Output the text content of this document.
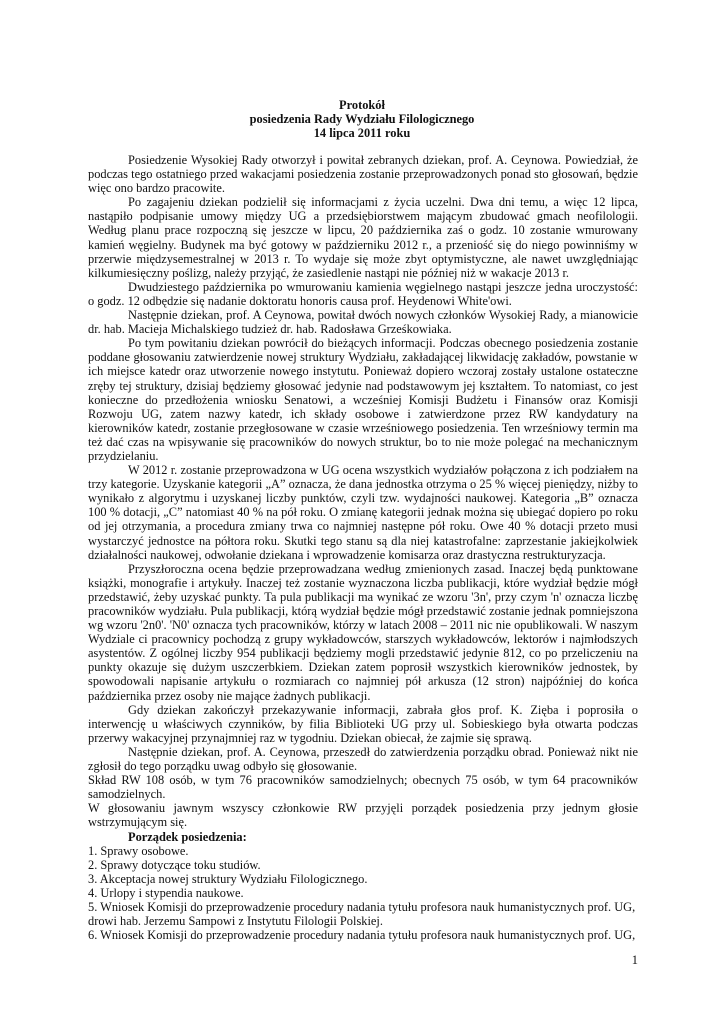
Protokół
posiedzenia Rady Wydziału Filologicznego
14 lipca 2011 roku

Posiedzenie Wysokiej Rady otworzył i powitał zebranych dziekan, prof. A. Ceynowa. Powiedział, że podczas tego ostatniego przed wakacjami posiedzenia zostanie przeprowadzonych ponad sto głosowań, będzie więc ono bardzo pracowite.

Po zagajeniu dziekan podzielił się informacjami z życia uczelni. Dwa dni temu, a więc 12 lipca, nastąpiło podpisanie umowy między UG a przedsiębiorstwem mającym zbudować gmach neofilologii. Według planu prace rozpoczną się jeszcze w lipcu, 20 października zaś o godz. 10 zostanie wmurowany kamień węgielny. Budynek ma być gotowy w październiku 2012 r., a przeniość się do niego powinniśmy w przerwie międzysemestralnej w 2013 r. To wydaje się może zbyt optymistyczne, ale nawet uwzględniając kilkumiesięczny poślizg, należy przyjąć, że zasiedlenie nastąpi nie później niż w wakacje 2013 r.

Dwudziestego października po wmurowaniu kamienia węgielnego nastąpi jeszcze jedna uroczystość: o godz. 12 odbędzie się nadanie doktoratu honoris causa prof. Heydenowi White'owi.

Następnie dziekan, prof. A Ceynowa, powitał dwóch nowych członków Wysokiej Rady, a mianowicie dr. hab. Macieja Michalskiego tudzież dr. hab. Radosława Grześkowiaka.

Po tym powitaniu dziekan powrócił do bieżących informacji. Podczas obecnego posiedzenia zostanie poddane głosowaniu zatwierdzenie nowej struktury Wydziału, zakładającej likwidację zakładów, powstanie w ich miejsce katedr oraz utworzenie nowego instytutu. Ponieważ dopiero wczoraj zostały ustalone ostateczne zręby tej struktury, dzisiaj będziemy głosować jedynie nad podstawowym jej kształtem. To natomiast, co jest konieczne do przedłożenia wniosku Senatowi, a wcześniej Komisji Budżetu i Finansów oraz Komisji Rozwoju UG, zatem nazwy katedr, ich składy osobowe i zatwierdzone przez RW kandydatury na kierowników katedr, zostanie przegłosowane w czasie wrześniowego posiedzenia. Ten wrześniowy termin ma też dać czas na wpisywanie się pracowników do nowych struktur, bo to nie może polegać na mechanicznym przydzielaniu.

W 2012 r. zostanie przeprowadzona w UG ocena wszystkich wydziałów połączona z ich podziałem na trzy kategorie. Uzyskanie kategorii „A” oznacza, że dana jednostka otrzyma o 25 % więcej pieniędzy, niżby to wynikało z algorytmu i uzyskanej liczby punktów, czyli tzw. wydajności naukowej. Kategoria „B” oznacza 100 % dotacji, „C” natomiast 40 % na pół roku. O zmianę kategorii jednak można się ubiegać dopiero po roku od jej otrzymania, a procedura zmiany trwa co najmniej następne pół roku. Owe 40 % dotacji przeto musi wystarczyć jednostce na półtora roku. Skutki tego stanu są dla niej katastrofalne: zaprzestanie jakiejkolwiek działalności naukowej, odwołanie dziekana i wprowadzenie komisarza oraz drastyczna restrukturyzacja.

Przyszłoroczna ocena będzie przeprowadzana według zmienionych zasad. Inaczej będą punktowane książki, monografie i artykuły. Inaczej też zostanie wyznaczona liczba publikacji, które wydział będzie mógł przedstawić, żeby uzyskać punkty. Ta pula publikacji ma wynikać ze wzoru '3n', przy czym 'n' oznacza liczbę pracowników wydziału. Pula publikacji, którą wydział będzie mógł przedstawić zostanie jednak pomniejszona wg wzoru '2n0'. 'N0' oznacza tych pracowników, którzy w latach 2008 – 2011 nic nie opublikowali. W naszym Wydziale ci pracownicy pochodzą z grupy wykładowców, starszych wykładowców, lektorów i najmłodszych asystentów. Z ogólnej liczby 954 publikacji będziemy mogli przedstawić jedynie 812, co po przeliczeniu na punkty okazuje się dużym uszczerbkiem. Dziekan zatem poprosił wszystkich kierowników jednostek, by spowodowali napisanie artykułu o rozmiarach co najmniej pół arkusza (12 stron) najpóźniej do końca października przez osoby nie mające żadnych publikacji.

Gdy dziekan zakończył przekazywanie informacji, zabrała głos prof. K. Zięba i poprosiła o interwencję u właściwych czynników, by filia Biblioteki UG przy ul. Sobieskiego była otwarta podczas przerwy wakacyjnej przynajmniej raz w tygodniu. Dziekan obiecał, że zajmie się sprawą.

Następnie dziekan, prof. A. Ceynowa, przeszedł do zatwierdzenia porządku obrad. Ponieważ nikt nie zgłosił do tego porządku uwag odbyło się głosowanie.

Skład RW 108 osób, w tym 76 pracowników samodzielnych; obecnych 75 osób, w tym 64 pracowników samodzielnych.

W głosowaniu jawnym wszyscy członkowie RW przyjęli porządek posiedzenia przy jednym głosie wstrzymującym się.

Porządek posiedzenia:

1. Sprawy osobowe.

2. Sprawy dotyczące toku studiów.

3. Akceptacja nowej struktury Wydziału Filologicznego.

4. Urlopy i stypendia naukowe.

5. Wniosek Komisji do przeprowadzenie procedury nadania tytułu profesora nauk humanistycznych prof. UG, drowi hab. Jerzemu Sampowi z Instytutu Filologii Polskiej.

6. Wniosek Komisji do przeprowadzenie procedury nadania tytułu profesora nauk humanistycznych prof. UG,

1
